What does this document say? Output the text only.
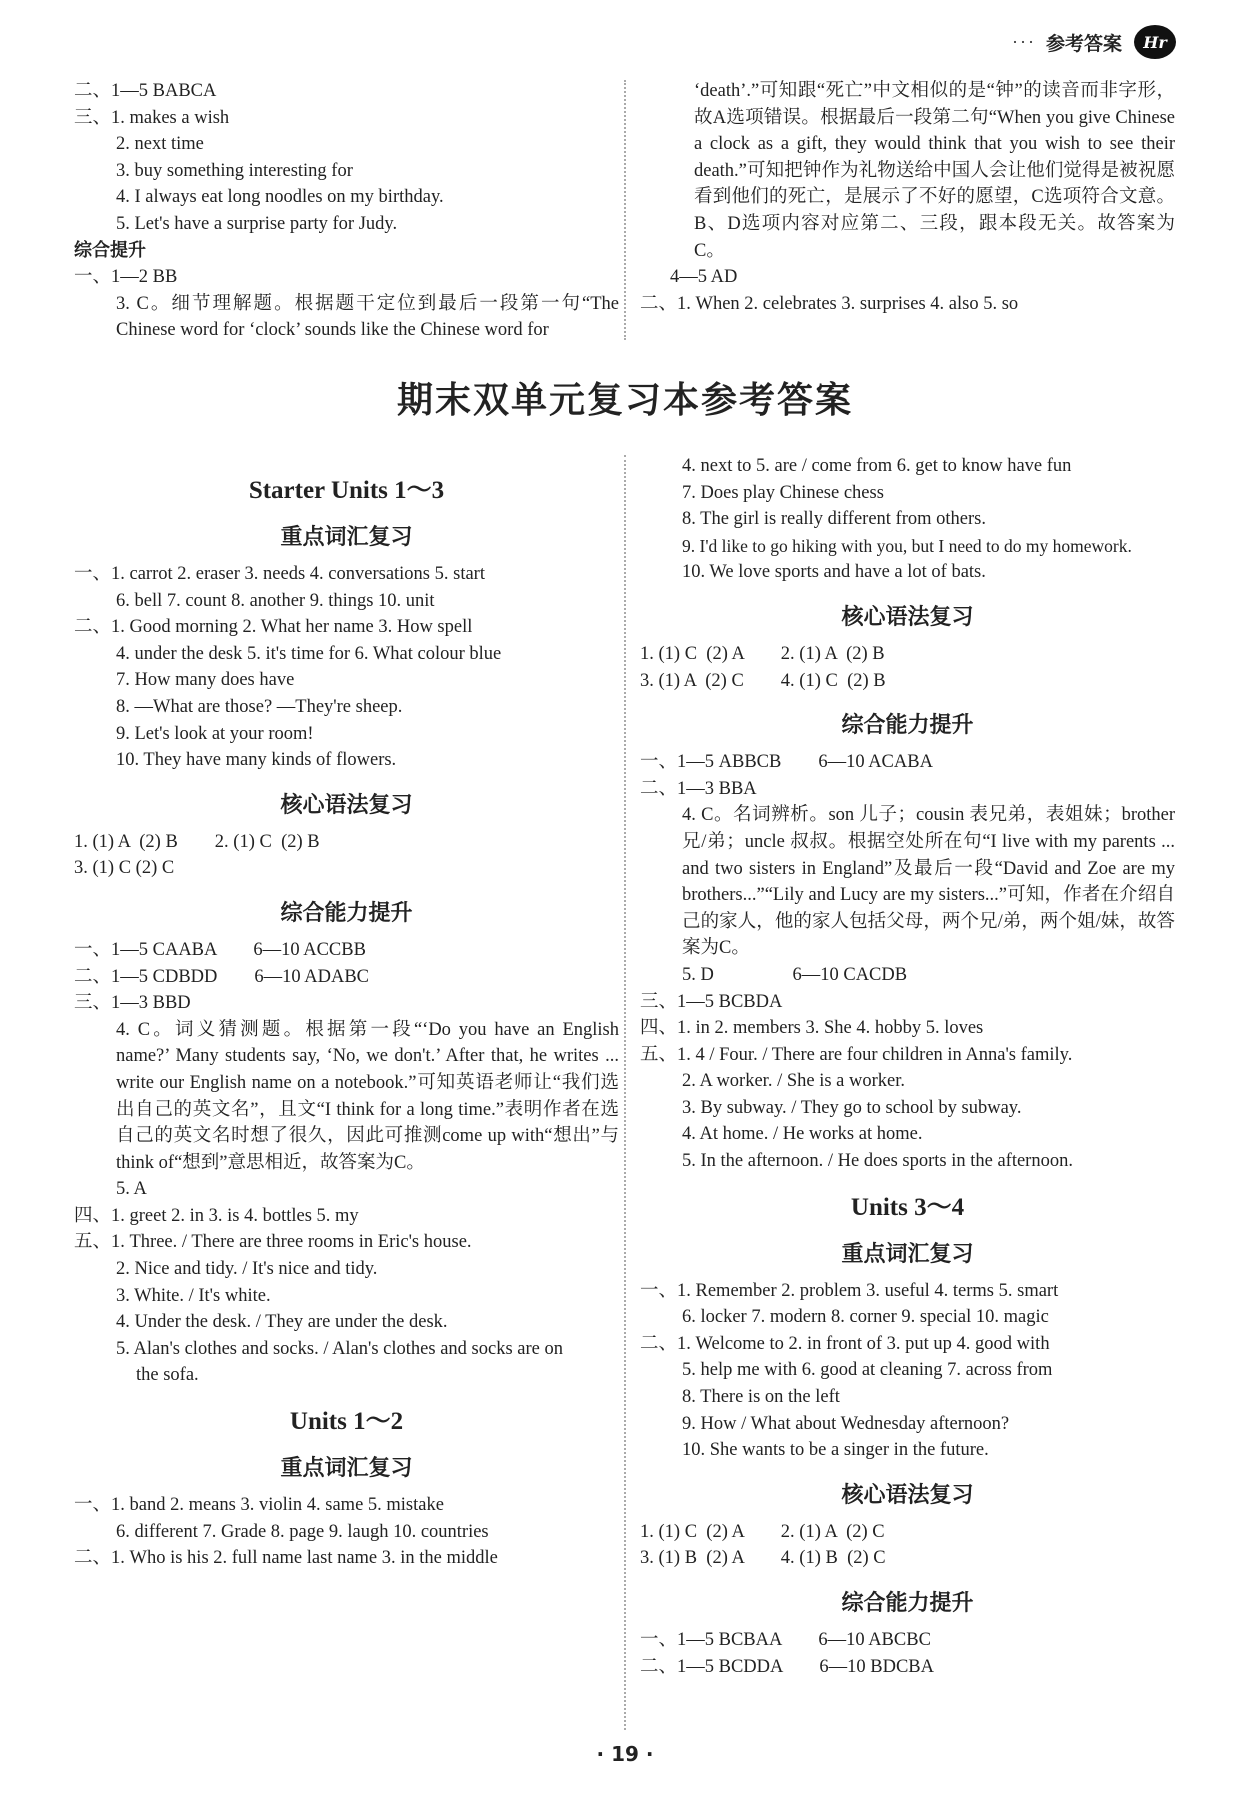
··· 参考答案 Hr
二、1—5 BABCA
三、1. makes a wish
2. next time
3. buy something interesting for
4. I always eat long noodles on my birthday.
5. Let's have a surprise party for Judy.
综合提升
一、1—2 BB
3. C。细节理解题。根据题干定位到最后一段第一句“The Chinese word for ‘clock’ sounds like the Chinese word for
‘death’.”可知跟“死亡”中文相似的是“钟”的读音而非字形，故A选项错误。根据最后一段第二句“When you give Chinese a clock as a gift, they would think that you wish to see their death.”可知把钟作为礼物送给中国人会让他们觉得是被祝愿看到他们的死亡，是展示了不好的愿望，C选项符合文意。B、D选项内容对应第二、三段，跟本段无关。故答案为C。
4—5 AD
二、1. When 2. celebrates 3. surprises 4. also 5. so
期末双单元复习本参考答案
Starter Units 1～3
重点词汇复习
一、1. carrot 2. eraser 3. needs 4. conversations 5. start
6. bell 7. count 8. another 9. things 10. unit
二、1. Good morning 2. What her name 3. How spell
4. under the desk 5. it's time for 6. What colour blue
7. How many does have
8. —What are those? —They're sheep.
9. Let's look at your room!
10. They have many kinds of flowers.
核心语法复习
1. (1) A  (2) B        2. (1) C  (2) B
3. (1) C (2) C
综合能力提升
一、1—5 CAABA        6—10 ACCBB
二、1—5 CDBDD        6—10 ADABC
三、1—3 BBD
4. C。词义猜测题。根据第一段“‘Do you have an English name?’ Many students say, ‘No, we don't.’ After that, he writes ... write our English name on a notebook.”可知英语老师让“我们选出自己的英文名”，且文“I think for a long time.”表明作者在选自己的英文名时想了很久，因此可推测come up with“想出”与think of“想到”意思相近，故答案为C。
5. A
四、1. greet 2. in 3. is 4. bottles 5. my
五、1. Three. / There are three rooms in Eric's house.
2. Nice and tidy. / It's nice and tidy.
3. White. / It's white.
4. Under the desk. / They are under the desk.
5. Alan's clothes and socks. / Alan's clothes and socks are on
the sofa.
Units 1～2
重点词汇复习
一、1. band 2. means 3. violin 4. same 5. mistake
6. different 7. Grade 8. page 9. laugh 10. countries
二、1. Who is his 2. full name last name 3. in the middle
4. next to 5. are / come from 6. get to know have fun
7. Does play Chinese chess
8. The girl is really different from others.
9. I'd like to go hiking with you, but I need to do my homework.
10. We love sports and have a lot of bats.
核心语法复习
1. (1) C  (2) A        2. (1) A  (2) B
3. (1) A  (2) C        4. (1) C  (2) B
综合能力提升
一、1—5 ABBCB        6—10 ACABA
二、1—3 BBA
4. C。名词辨析。son 儿子；cousin 表兄弟，表姐妹；brother 兄/弟；uncle 叔叔。根据空处所在句“I live with my parents ... and two sisters in England”及最后一段“David and Zoe are my brothers...”“Lily and Lucy are my sisters...”可知，作者在介绍自己的家人，他的家人包括父母，两个兄/弟，两个姐/妹，故答案为C。
5. D                 6—10 CACDB
三、1—5 BCBDA
四、1. in 2. members 3. She 4. hobby 5. loves
五、1. 4 / Four. / There are four children in Anna's family.
2. A worker. / She is a worker.
3. By subway. / They go to school by subway.
4. At home. / He works at home.
5. In the afternoon. / He does sports in the afternoon.
Units 3～4
重点词汇复习
一、1. Remember 2. problem 3. useful 4. terms 5. smart
6. locker 7. modern 8. corner 9. special 10. magic
二、1. Welcome to 2. in front of 3. put up 4. good with
5. help me with 6. good at cleaning 7. across from
8. There is on the left
9. How / What about Wednesday afternoon?
10. She wants to be a singer in the future.
核心语法复习
1. (1) C  (2) A        2. (1) A  (2) C
3. (1) B  (2) A        4. (1) B  (2) C
综合能力提升
一、1—5 BCBAA        6—10 ABCBC
二、1—5 BCDDA        6—10 BDCBA
· 19 ·
